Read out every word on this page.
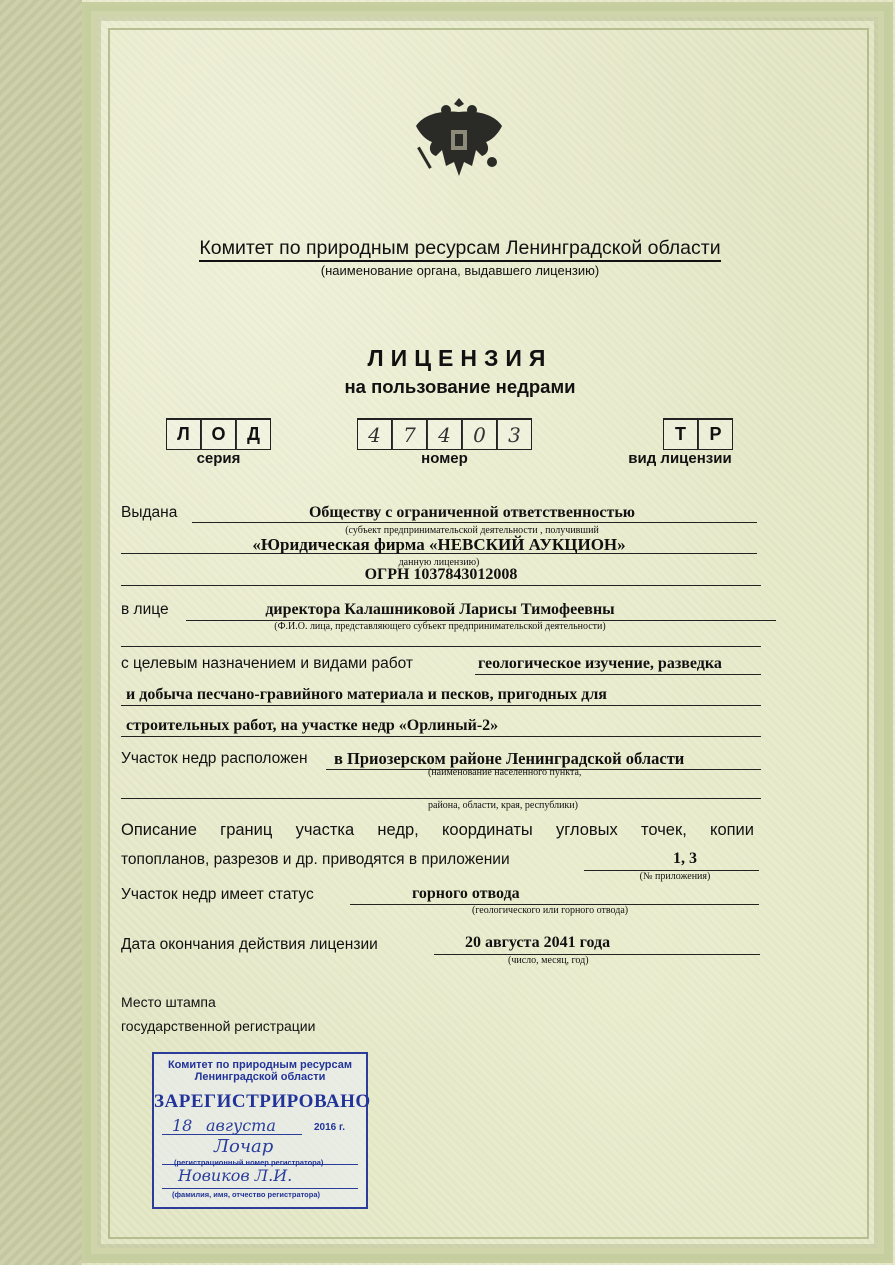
Комитет по природным ресурсам Ленинградской области
(наименование органа, выдавшего лицензию)
ЛИЦЕНЗИЯ
на пользование недрами
Л	О	Д
серия
4	7	4	0	3
номер
Т	Р
вид лицензии
Выдана	Обществу с ограниченной ответственностью
(субъект предпринимательской деятельности , получивший
«Юридическая фирма «НЕВСКИЙ АУКЦИОН»
данную лицензию)
ОГРН 1037843012008
в лице	директора Калашниковой Ларисы Тимофеевны
(Ф.И.О. лица, представляющего субъект предпринимательской деятельности)
с целевым назначением и видами работ	геологическое изучение, разведка
и добыча песчано-гравийного материала и песков, пригодных для
строительных работ, на участке недр «Орлиный-2»
Участок недр расположен в Приозерском районе Ленинградской области
(наименование населенного пункта,
района, области, края, республики)
Описание границ участка недр, координаты угловых точек, копии
топопланов, разрезов и др. приводятся в приложении	1, 3
(№ приложения)
Участок недр имеет статус	горного отвода
(геологического или горного отвода)
Дата окончания действия лицензии	20 августа 2041 года
(число, месяц, год)
Место штампа
государственной регистрации
Комитет по природным ресурсам
Ленинградской области
ЗАРЕГИСТРИРОВАНО
18 августа	2016 г.
Лочар
(регистрационный номер регистратора)
Новиков Л.И.
(фамилия, имя, отчество регистратора)
